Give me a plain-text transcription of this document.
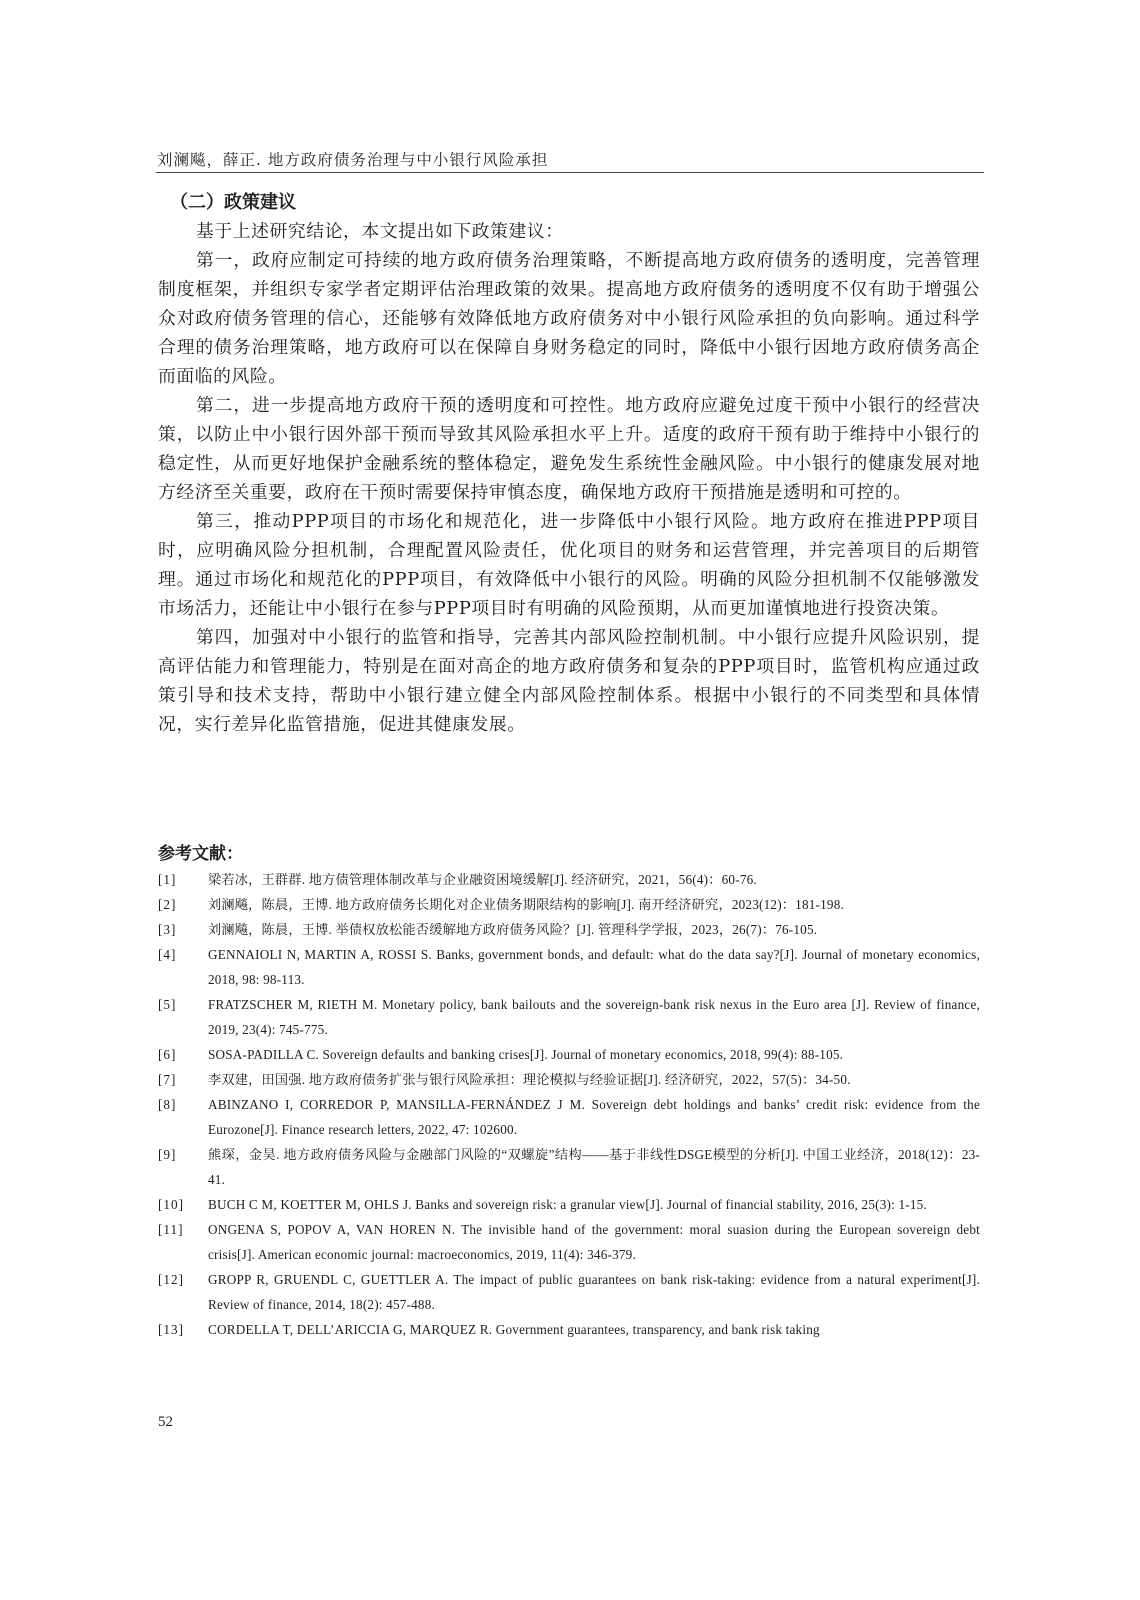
刘澜飚，薛正. 地方政府债务治理与中小银行风险承担

（二）政策建议

基于上述研究结论，本文提出如下政策建议：

第一，政府应制定可持续的地方政府债务治理策略，不断提高地方政府债务的透明度，完善管理制度框架，并组织专家学者定期评估治理政策的效果。提高地方政府债务的透明度不仅有助于增强公众对政府债务管理的信心，还能够有效降低地方政府债务对中小银行风险承担的负向影响。通过科学合理的债务治理策略，地方政府可以在保障自身财务稳定的同时，降低中小银行因地方政府债务高企而面临的风险。

第二，进一步提高地方政府干预的透明度和可控性。地方政府应避免过度干预中小银行的经营决策，以防止中小银行因外部干预而导致其风险承担水平上升。适度的政府干预有助于维持中小银行的稳定性，从而更好地保护金融系统的整体稳定，避免发生系统性金融风险。中小银行的健康发展对地方经济至关重要，政府在干预时需要保持审慎态度，确保地方政府干预措施是透明和可控的。

第三，推动PPP项目的市场化和规范化，进一步降低中小银行风险。地方政府在推进PPP项目时，应明确风险分担机制，合理配置风险责任，优化项目的财务和运营管理，并完善项目的后期管理。通过市场化和规范化的PPP项目，有效降低中小银行的风险。明确的风险分担机制不仅能够激发市场活力，还能让中小银行在参与PPP项目时有明确的风险预期，从而更加谨慎地进行投资决策。

第四，加强对中小银行的监管和指导，完善其内部风险控制机制。中小银行应提升风险识别，提高评估能力和管理能力，特别是在面对高企的地方政府债务和复杂的PPP项目时，监管机构应通过政策引导和技术支持，帮助中小银行建立健全内部风险控制体系。根据中小银行的不同类型和具体情况，实行差异化监管措施，促进其健康发展。

参考文献：
[1]	梁若冰，王群群. 地方债管理体制改革与企业融资困境缓解[J]. 经济研究，2021，56(4)：60-76.
[2]	刘澜飚，陈晨，王博. 地方政府债务长期化对企业债务期限结构的影响[J]. 南开经济研究，2023(12)：181-198.
[3]	刘澜飚，陈晨，王博. 举债权放松能否缓解地方政府债务风险？[J]. 管理科学学报，2023，26(7)：76-105.
[4]	GENNAIOLI N, MARTIN A, ROSSI S. Banks, government bonds, and default: what do the data say?[J]. Journal of monetary economics, 2018, 98: 98-113.
[5]	FRATZSCHER M, RIETH M. Monetary policy, bank bailouts and the sovereign-bank risk nexus in the Euro area [J]. Review of finance, 2019, 23(4): 745-775.
[6]	SOSA-PADILLA C. Sovereign defaults and banking crises[J]. Journal of monetary economics, 2018, 99(4): 88-105.
[7]	李双建，田国强. 地方政府债务扩张与银行风险承担：理论模拟与经验证据[J]. 经济研究，2022，57(5)：34-50.
[8]	ABINZANO I, CORREDOR P, MANSILLA-FERNÁNDEZ J M. Sovereign debt holdings and banks’ credit risk: evidence from the Eurozone[J]. Finance research letters, 2022, 47: 102600.
[9]	熊琛，金昊. 地方政府债务风险与金融部门风险的“双螺旋”结构——基于非线性DSGE模型的分析[J]. 中国工业经济，2018(12)：23-41.
[10]	BUCH C M, KOETTER M, OHLS J. Banks and sovereign risk: a granular view[J]. Journal of financial stability, 2016, 25(3): 1-15.
[11]	ONGENA S, POPOV A, VAN HOREN N. The invisible hand of the government: moral suasion during the European sovereign debt crisis[J]. American economic journal: macroeconomics, 2019, 11(4): 346-379.
[12]	GROPP R, GRUENDL C, GUETTLER A. The impact of public guarantees on bank risk-taking: evidence from a natural experiment[J]. Review of finance, 2014, 18(2): 457-488.
[13]	CORDELLA T, DELL’ARICCIA G, MARQUEZ R. Government guarantees, transparency, and bank risk taking
52
